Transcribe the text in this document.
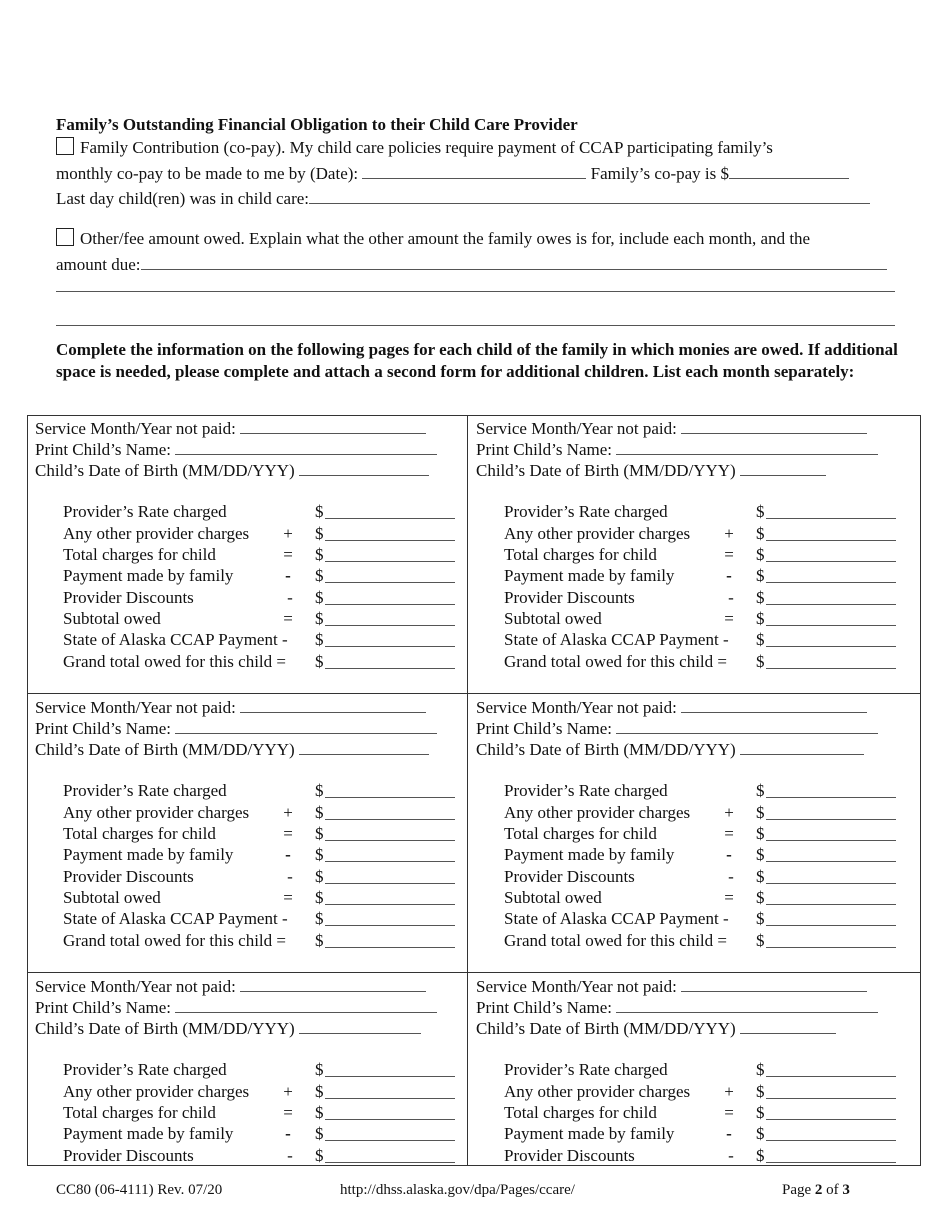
Family’s Outstanding Financial Obligation to their Child Care Provider
Family Contribution (co-pay). My child care policies require payment of CCAP participating family’s
monthly co-pay to be made to me by (Date):	Family’s co-pay is $
Last day child(ren) was in child care:
Other/fee amount owed. Explain what the other amount the family owes is for, include each month, and the
amount due:
Complete the information on the following pages for each child of the family in which monies are owed. If additional space is needed, please complete and attach a second form for additional children. List each month separately:
Service Month/Year not paid:
Print Child’s Name:
Child’s Date of Birth (MM/DD/YYY)
Provider’s Rate charged	$
Any other provider charges + $
Total charges for child	= $
Payment made by family	- $
Provider Discounts	- $
Subtotal owed	= $
State of Alaska CCAP Payment - $
Grand total owed for this child = $
Service Month/Year not paid:
Print Child’s Name:
Child’s Date of Birth (MM/DD/YYY)
Provider’s Rate charged	$
Any other provider charges + $
Total charges for child	= $
Payment made by family	- $
Provider Discounts	- $
Subtotal owed	= $
State of Alaska CCAP Payment - $
Grand total owed for this child = $
Service Month/Year not paid:
Print Child’s Name:
Child’s Date of Birth (MM/DD/YYY)
Provider’s Rate charged	$
Any other provider charges + $
Total charges for child	= $
Payment made by family	- $
Provider Discounts	- $
Subtotal owed	= $
State of Alaska CCAP Payment - $
Grand total owed for this child = $
Service Month/Year not paid:
Print Child’s Name:
Child’s Date of Birth (MM/DD/YYY)
Provider’s Rate charged	$
Any other provider charges + $
Total charges for child	= $
Payment made by family	- $
Provider Discounts	- $
Subtotal owed	= $
State of Alaska CCAP Payment - $
Grand total owed for this child = $
Service Month/Year not paid:
Print Child’s Name:
Child’s Date of Birth (MM/DD/YYY)
Provider’s Rate charged	$
Any other provider charges + $
Total charges for child	= $
Payment made by family	- $
Provider Discounts	- $
Service Month/Year not paid:
Print Child’s Name:
Child’s Date of Birth (MM/DD/YYY)
Provider’s Rate charged	$
Any other provider charges + $
Total charges for child	= $
Payment made by family	- $
Provider Discounts	- $
CC80 (06-4111) Rev. 07/20	http://dhss.alaska.gov/dpa/Pages/ccare/	Page 2 of 3
